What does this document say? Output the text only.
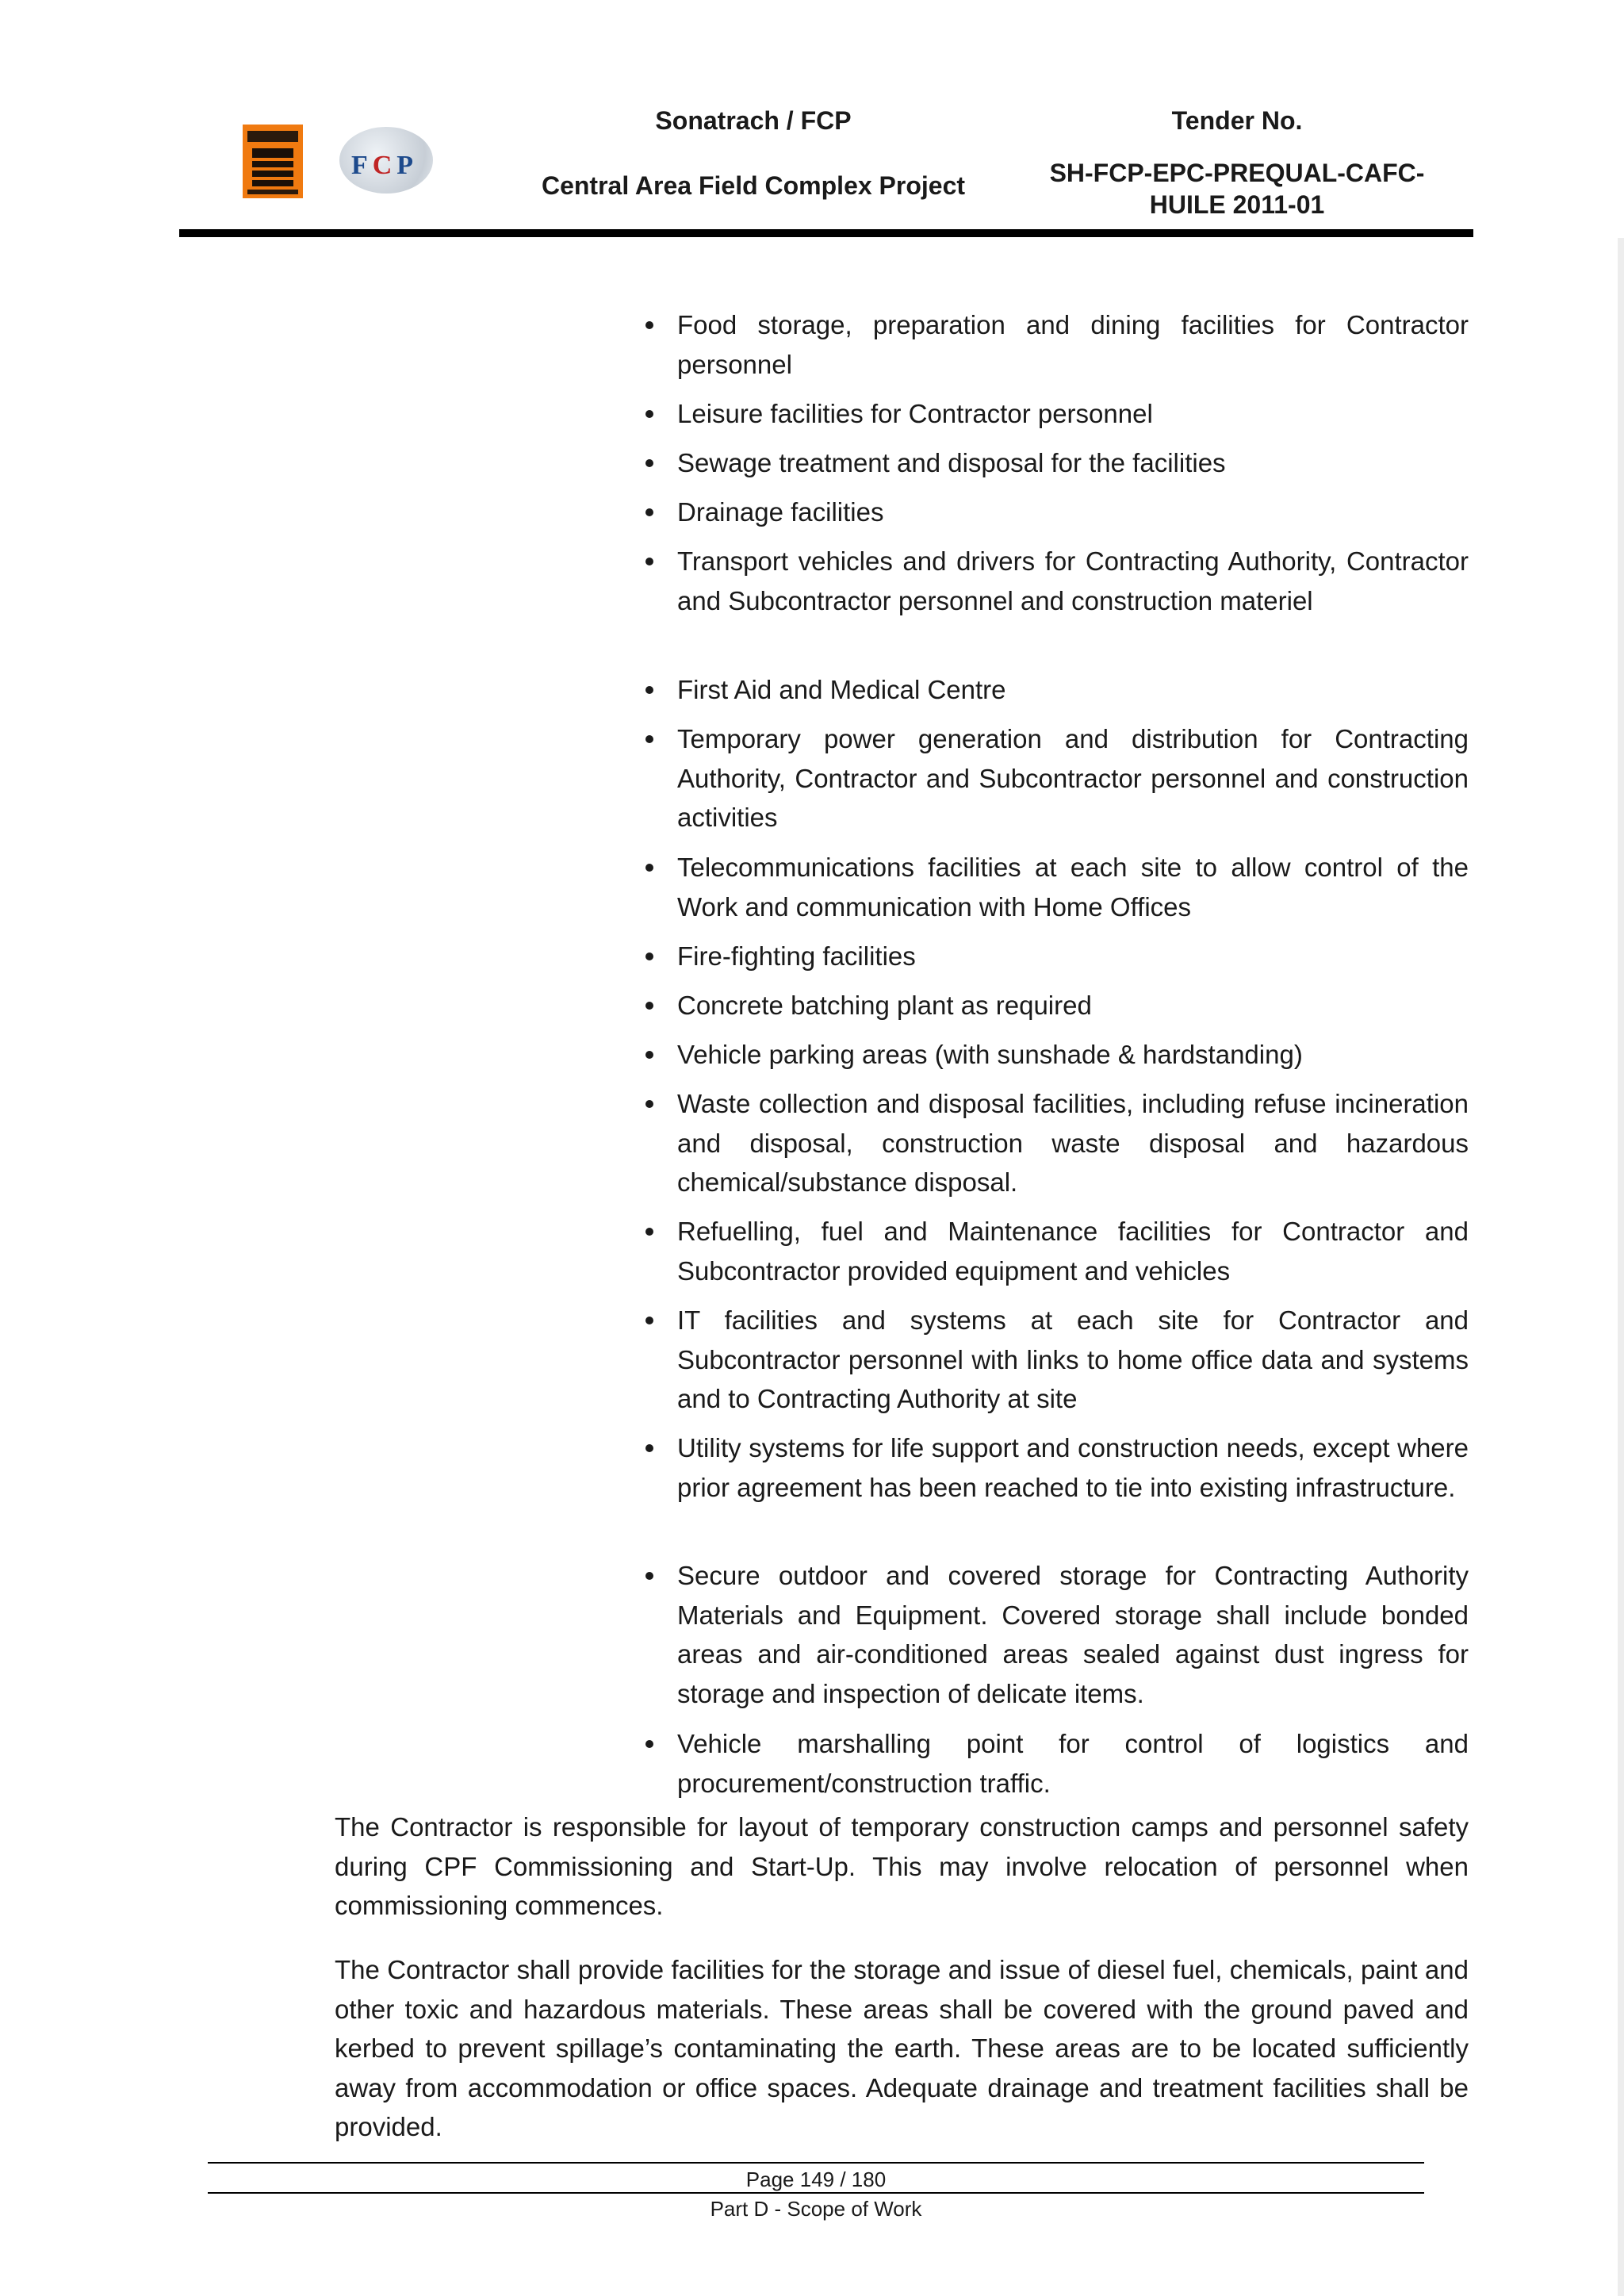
FCP
Sonatrach / FCP
Central Area Field Complex Project
Tender No.
SH-FCP-EPC-PREQUAL-CAFC-HUILE 2011-01
Food storage, preparation and dining facilities for Contractor personnel
Leisure facilities for Contractor personnel
Sewage treatment and disposal for the facilities
Drainage facilities
Transport vehicles and drivers for Contracting Authority, Contractor and Subcontractor personnel and construction materiel
First Aid and Medical Centre
Temporary power generation and distribution for Contracting Authority, Contractor and Subcontractor personnel and construction activities
Telecommunications facilities at each site to allow control of the Work and communication with Home Offices
Fire-fighting facilities
Concrete batching plant as required
Vehicle parking areas (with sunshade & hardstanding)
Waste collection and disposal facilities, including refuse incineration and disposal, construction waste disposal and hazardous chemical/substance disposal.
Refuelling, fuel and Maintenance facilities for Contractor and Subcontractor provided equipment and vehicles
IT facilities and systems at each site for Contractor and Subcontractor personnel with links to home office data and systems and to Contracting Authority at site
Utility systems for life support and construction needs, except where prior agreement has been reached to tie into existing infrastructure.
Secure outdoor and covered storage for Contracting Authority Materials and Equipment. Covered storage shall include bonded areas and air-conditioned areas sealed against dust ingress for storage and inspection of delicate items.
Vehicle marshalling point for control of logistics and procurement/construction traffic.
The Contractor is responsible for layout of temporary construction camps and personnel safety during CPF Commissioning and Start-Up. This may involve relocation of personnel when commissioning commences.
The Contractor shall provide facilities for the storage and issue of diesel fuel, chemicals, paint and other toxic and hazardous materials. These areas shall be covered with the ground paved and kerbed to prevent spillage’s contaminating the earth. These areas are to be located sufficiently away from accommodation or office spaces. Adequate drainage and treatment facilities shall be provided.
Page 149 / 180
Part D - Scope of Work
